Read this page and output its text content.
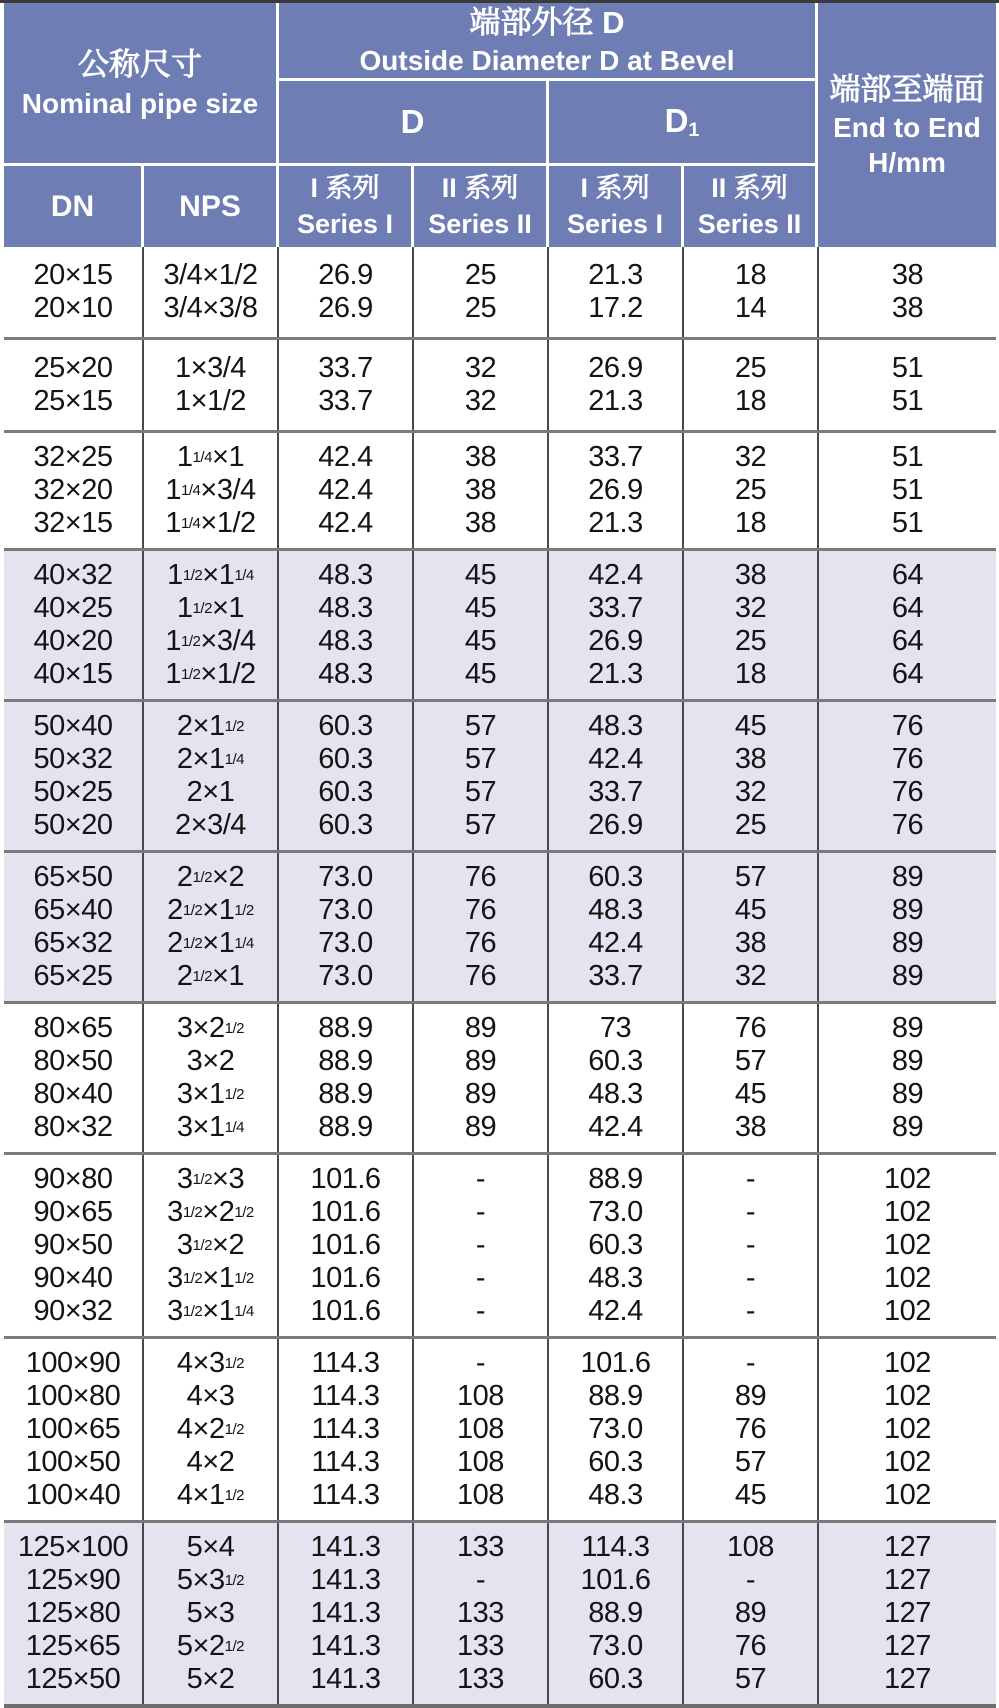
公称尺寸
Nominal pipe size
端部外径 D
Outside Diameter D at Bevel
D	$D_1$
端部至端面
End to End
H/mm
DN	NPS
I 系列
Series I
II 系列
Series II
I 系列
Series I
II 系列
Series II
20×15
20×10
3/4×1/2
3/4×3/8
26.9
26.9
25
25
21.3
17.2
18
14
38
38
25×20
25×15
1×3/4
1×1/2
33.7
33.7
32
32
26.9
21.3
25
18
51
51
32×25
32×20
32×15
1 1/4 ×1
1 1/4 ×3/4
1 1/4 ×1/2
42.4
42.4
42.4
38
38
38
33.7
26.9
21.3
32
25
18
51
51
51
40×32
40×25
40×20
40×15
1 1/2 ×1 1/4
1 1/2 ×1
1 1/2 ×3/4
1 1/2 ×1/2
48.3
48.3
48.3
48.3
45
45
45
45
42.4
33.7
26.9
21.3
38
32
25
18
64
64
64
64
50×40
50×32
50×25
50×20
2×1 1/2
2×1 1/4
2×1
2×3/4
60.3
60.3
60.3
60.3
57
57
57
57
48.3
42.4
33.7
26.9
45
38
32
25
76
76
76
76
65×50
65×40
65×32
65×25
2 1/2 ×2
2 1/2 ×1 1/2
2 1/2 ×1 1/4
2 1/2 ×1
73.0
73.0
73.0
73.0
76
76
76
76
60.3
48.3
42.4
33.7
57
45
38
32
89
89
89
89
80×65
80×50
80×40
80×32
3×2 1/2
3×2
3×1 1/2
3×1 1/4
88.9
88.9
88.9
88.9
89
89
89
89
73
60.3
48.3
42.4
76
57
45
38
89
89
89
89
90×80
90×65
90×50
90×40
90×32
3 1/2 ×3
3 1/2 ×2 1/2
3 1/2 ×2
3 1/2 ×1 1/2
3 1/2 ×1 1/4
101.6
101.6
101.6
101.6
101.6
-
-
-
-
-
88.9
73.0
60.3
48.3
42.4
-
-
-
-
-
102
102
102
102
102
100×90
100×80
100×65
100×50
100×40
4×3 1/2
4×3
4×2 1/2
4×2
4×1 1/2
114.3
114.3
114.3
114.3
114.3
-
108
108
108
108
101.6
88.9
73.0
60.3
48.3
-
89
76
57
45
102
102
102
102
102
125×100
125×90
125×80
125×65
125×50
5×4
5×3 1/2
5×3
5×2 1/2
5×2
141.3
141.3
141.3
141.3
141.3
133
-
133
133
133
114.3
101.6
88.9
73.0
60.3
108
-
89
76
57
127
127
127
127
127
